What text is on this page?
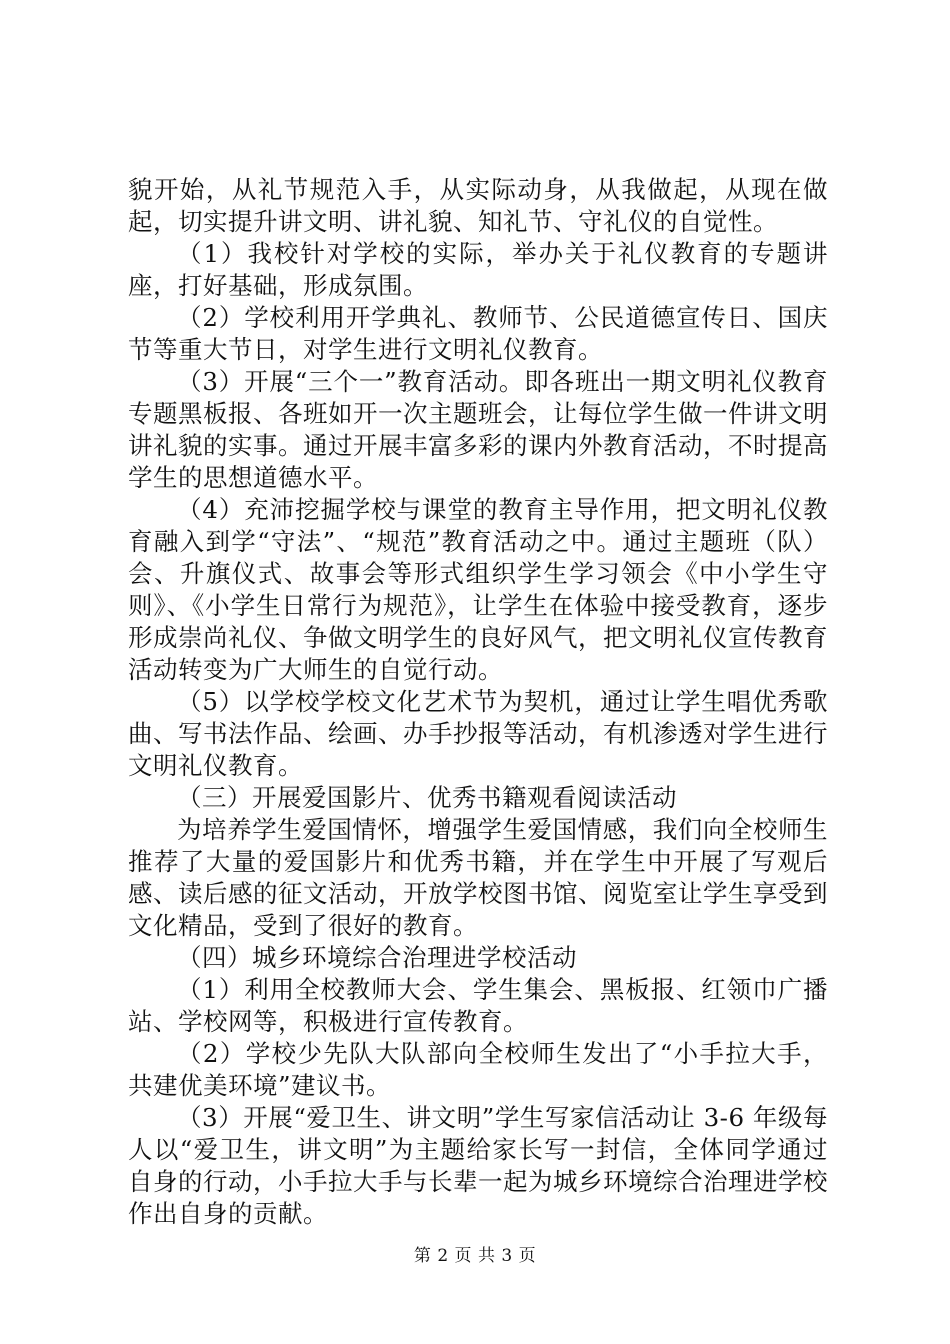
貌开始，从礼节规范入手，从实际动身，从我做起，从现在做起，切实提升讲文明、讲礼貌、知礼节、守礼仪的自觉性。

（1）我校针对学校的实际，举办关于礼仪教育的专题讲座，打好基础，形成氛围。

（2）学校利用开学典礼、教师节、公民道德宣传日、国庆节等重大节日，对学生进行文明礼仪教育。

（3）开展“三个一”教育活动。即各班出一期文明礼仪教育专题黑板报、各班如开一次主题班会，让每位学生做一件讲文明讲礼貌的实事。通过开展丰富多彩的课内外教育活动，不时提高学生的思想道德水平。

（4）充沛挖掘学校与课堂的教育主导作用，把文明礼仪教育融入到学“守法”、“规范”教育活动之中。通过主题班（队）会、升旗仪式、故事会等形式组织学生学习领会《中小学生守则》、《小学生日常行为规范》，让学生在体验中接受教育，逐步形成崇尚礼仪、争做文明学生的良好风气，把文明礼仪宣传教育活动转变为广大师生的自觉行动。

（5）以学校学校文化艺术节为契机，通过让学生唱优秀歌曲、写书法作品、绘画、办手抄报等活动，有机渗透对学生进行文明礼仪教育。

（三）开展爱国影片、优秀书籍观看阅读活动

为培养学生爱国情怀，增强学生爱国情感，我们向全校师生推荐了大量的爱国影片和优秀书籍，并在学生中开展了写观后感、读后感的征文活动，开放学校图书馆、阅览室让学生享受到文化精品，受到了很好的教育。

（四）城乡环境综合治理进学校活动

（1）利用全校教师大会、学生集会、黑板报、红领巾广播站、学校网等，积极进行宣传教育。

（2）学校少先队大队部向全校师生发出了“小手拉大手，共建优美环境”建议书。

（3）开展“爱卫生、讲文明”学生写家信活动让 3-6 年级每人以“爱卫生，讲文明”为主题给家长写一封信，全体同学通过自身的行动，小手拉大手与长辈一起为城乡环境综合治理进学校作出自身的贡献。

第 2 页 共 3 页
